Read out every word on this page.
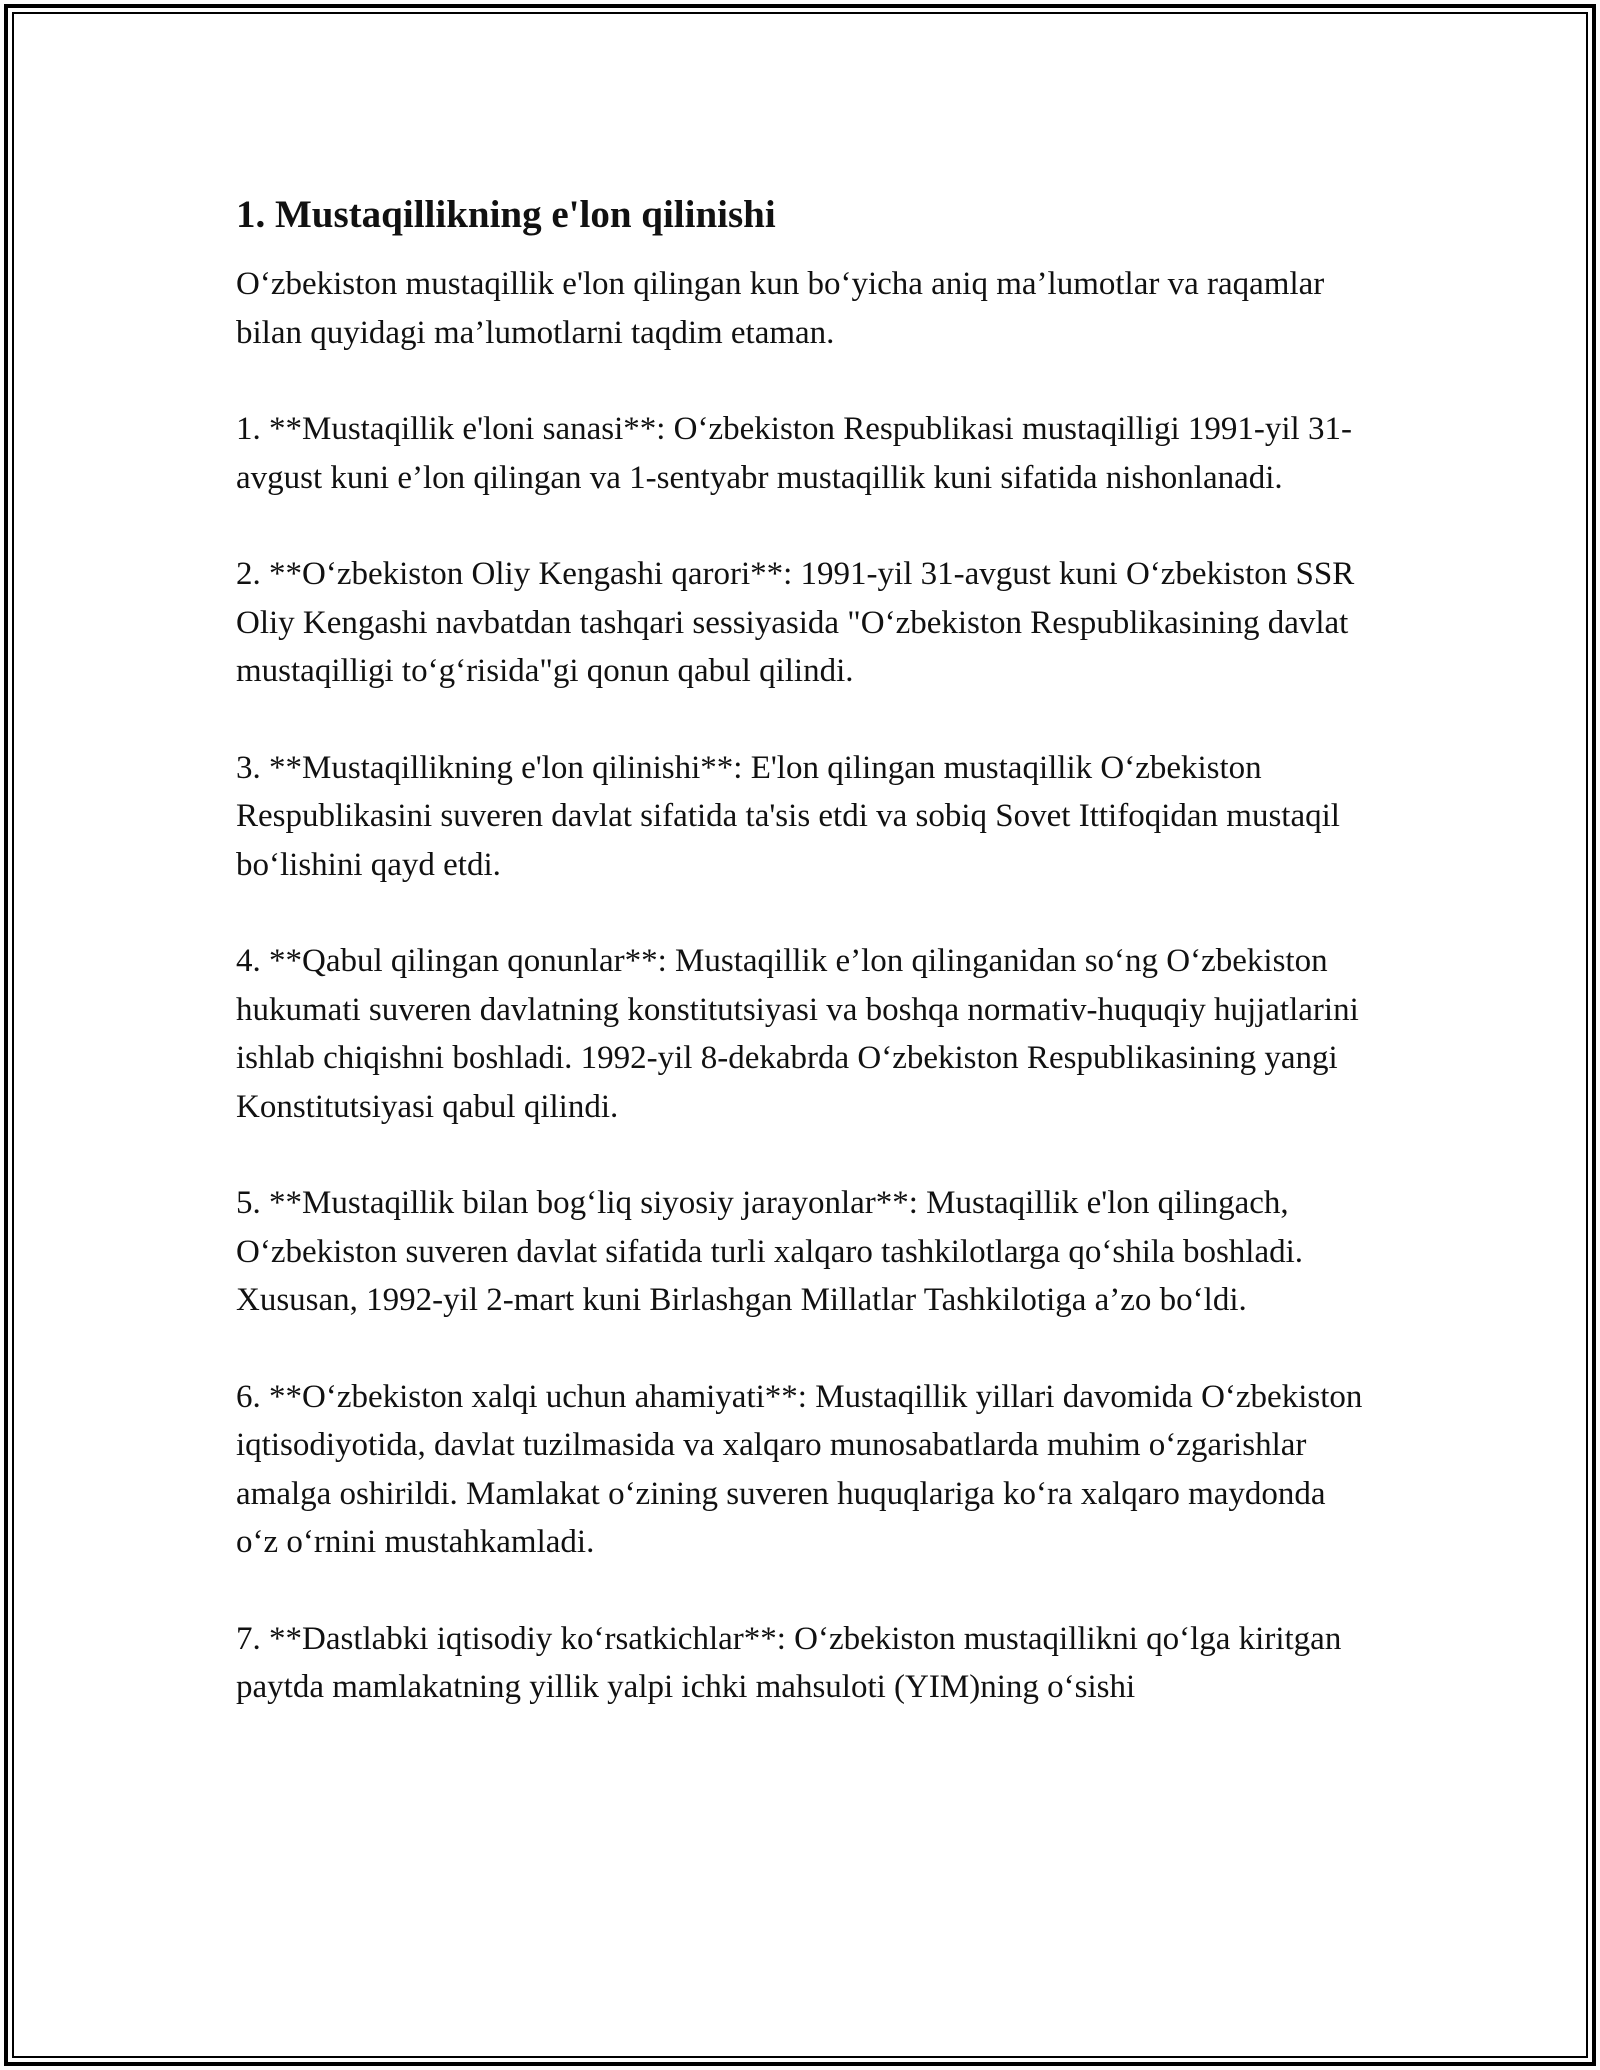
1. Mustaqillikning e'lon qilinishi

O‘zbekiston mustaqillik e'lon qilingan kun bo‘yicha aniq ma’lumotlar va raqamlar bilan quyidagi ma’lumotlarni taqdim etaman.

1. **Mustaqillik e'loni sanasi**: O‘zbekiston Respublikasi mustaqilligi 1991-yil 31-avgust kuni e’lon qilingan va 1-sentyabr mustaqillik kuni sifatida nishonlanadi.

2. **O‘zbekiston Oliy Kengashi qarori**: 1991-yil 31-avgust kuni O‘zbekiston SSR Oliy Kengashi navbatdan tashqari sessiyasida "O‘zbekiston Respublikasining davlat mustaqilligi to‘g‘risida"gi qonun qabul qilindi.

3. **Mustaqillikning e'lon qilinishi**: E'lon qilingan mustaqillik O‘zbekiston Respublikasini suveren davlat sifatida ta'sis etdi va sobiq Sovet Ittifoqidan mustaqil bo‘lishini qayd etdi.

4. **Qabul qilingan qonunlar**: Mustaqillik e’lon qilinganidan so‘ng O‘zbekiston hukumati suveren davlatning konstitutsiyasi va boshqa normativ-huquqiy hujjatlarini ishlab chiqishni boshladi. 1992-yil 8-dekabrda O‘zbekiston Respublikasining yangi Konstitutsiyasi qabul qilindi.

5. **Mustaqillik bilan bog‘liq siyosiy jarayonlar**: Mustaqillik e'lon qilingach, O‘zbekiston suveren davlat sifatida turli xalqaro tashkilotlarga qo‘shila boshladi. Xususan, 1992-yil 2-mart kuni Birlashgan Millatlar Tashkilotiga a’zo bo‘ldi.

6. **O‘zbekiston xalqi uchun ahamiyati**: Mustaqillik yillari davomida O‘zbekiston iqtisodiyotida, davlat tuzilmasida va xalqaro munosabatlarda muhim o‘zgarishlar amalga oshirildi. Mamlakat o‘zining suveren huquqlariga ko‘ra xalqaro maydonda o‘z o‘rnini mustahkamladi.

7. **Dastlabki iqtisodiy ko‘rsatkichlar**: O‘zbekiston mustaqillikni qo‘lga kiritgan paytda mamlakatning yillik yalpi ichki mahsuloti (YIM)ning o‘sishi
